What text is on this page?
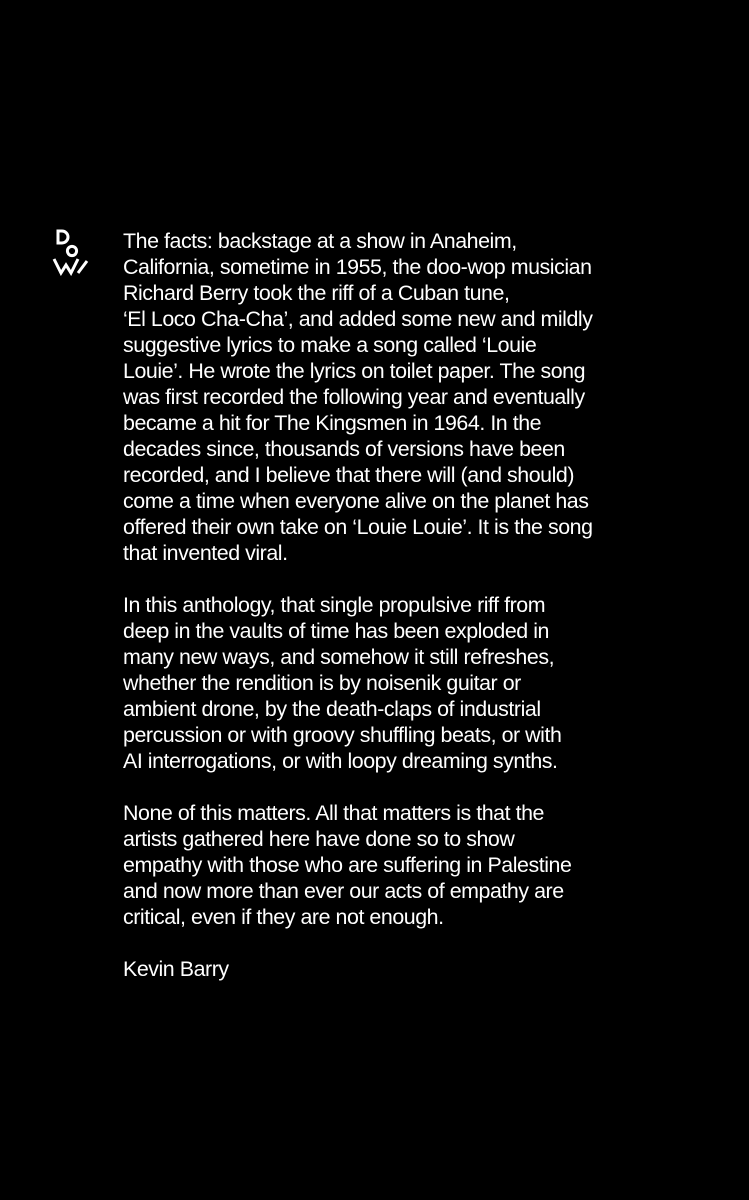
The facts: backstage at a show in Anaheim,
California, sometime in 1955, the doo-wop musician
Richard Berry took the riff of a Cuban tune,
‘El Loco Cha-Cha’, and added some new and mildly
suggestive lyrics to make a song called ‘Louie
Louie’. He wrote the lyrics on toilet paper. The song
was first recorded the following year and eventually
became a hit for The Kingsmen in 1964. In the
decades since, thousands of versions have been
recorded, and I believe that there will (and should)
come a time when everyone alive on the planet has
offered their own take on ‘Louie Louie’. It is the song
that invented viral.

In this anthology, that single propulsive riff from
deep in the vaults of time has been exploded in
many new ways, and somehow it still refreshes,
whether the rendition is by noisenik guitar or
ambient drone, by the death-claps of industrial
percussion or with groovy shuffling beats, or with
AI interrogations, or with loopy dreaming synths.

None of this matters. All that matters is that the
artists gathered here have done so to show
empathy with those who are suffering in Palestine
and now more than ever our acts of empathy are
critical, even if they are not enough.

Kevin Barry
